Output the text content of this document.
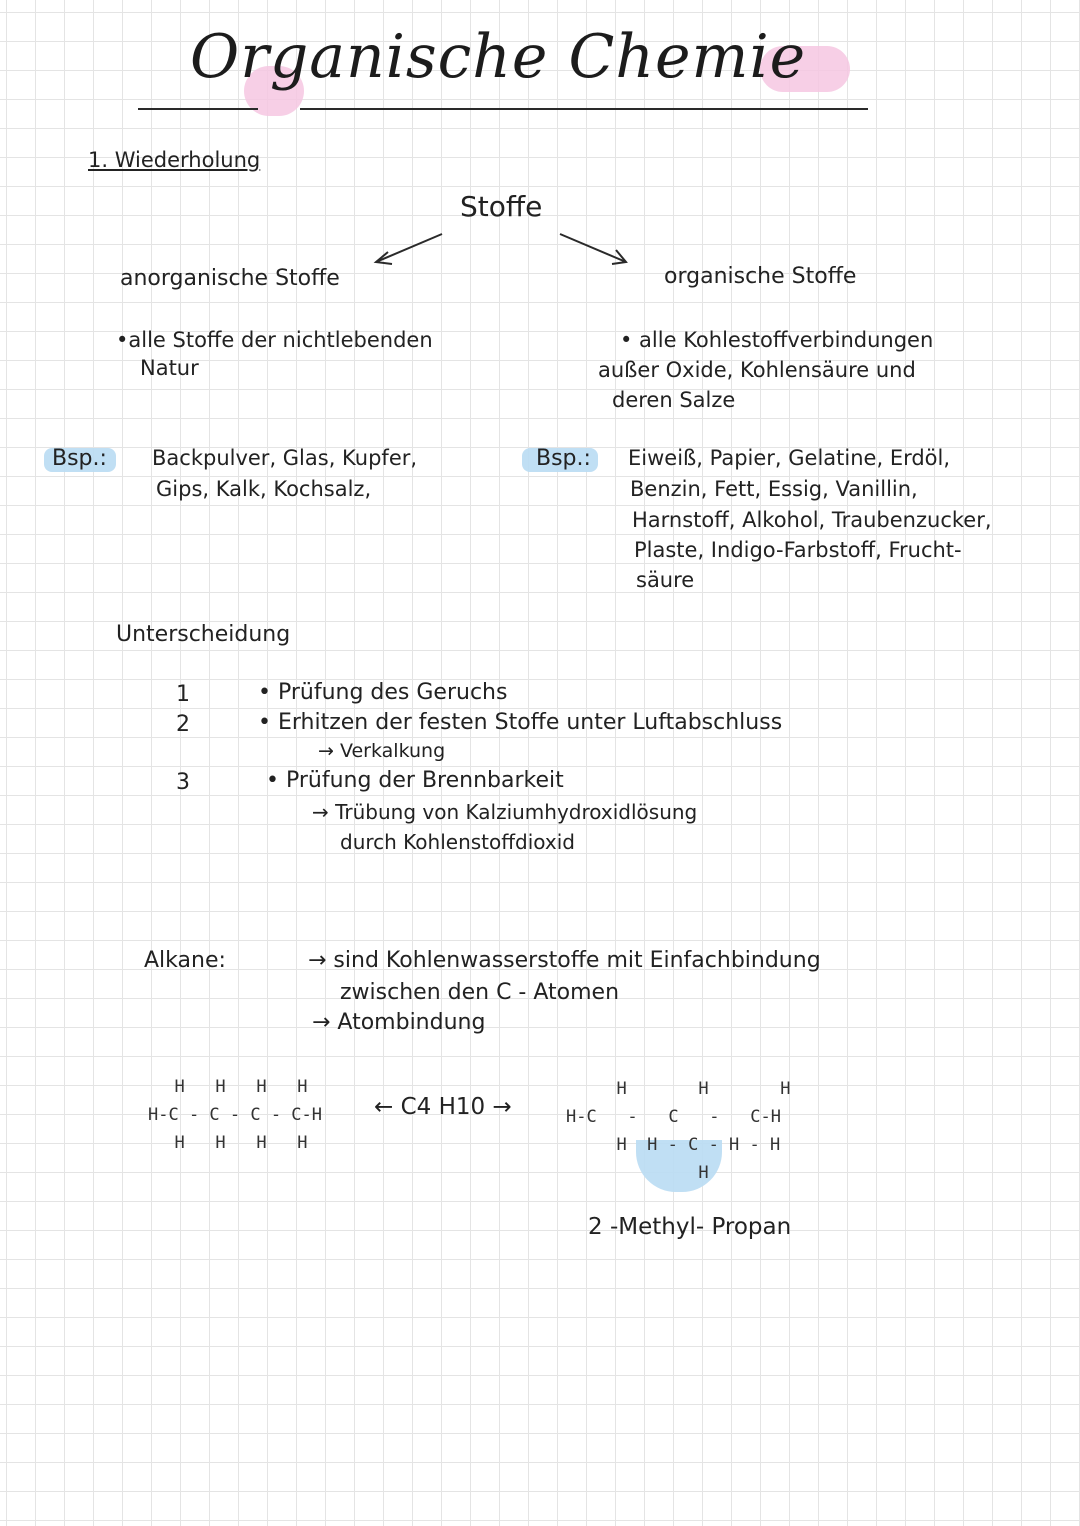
Organische Chemie
1. Wiederholung
Stoffe
anorganische Stoffe	organische Stoffe
•alle Stoffe der nichtlebenden
Natur
• alle Kohlestoffverbindungen
außer Oxide, Kohlensäure und
deren Salze
Bsp.: Backpulver, Glas, Kupfer,
Gips, Kalk, Kochsalz,
Bsp.: Eiweiß, Papier, Gelatine, Erdöl,
Benzin, Fett, Essig, Vanillin,
Harnstoff, Alkohol, Traubenzucker,
Plaste, Indigo-Farbstoff, Frucht-
säure
Unterscheidung
1
2
3
• Prüfung des Geruchs
• Erhitzen der festen Stoffe unter Luftabschluss
→ Verkalkung
• Prüfung der Brennbarkeit
→ Trübung von Kalziumhydroxidlösung
durch Kohlenstoffdioxid
Alkane:	→ sind Kohlenwasserstoffe mit Einfachbindung
zwischen den C - Atomen
→ Atombindung
H   H   H   H
H-C - C - C - C-H
H   H   H   H
← C4 H10 →
H       H       H
H-C   -   C   -   C-H
H  H - C - H - H
H
2 -Methyl- Propan
